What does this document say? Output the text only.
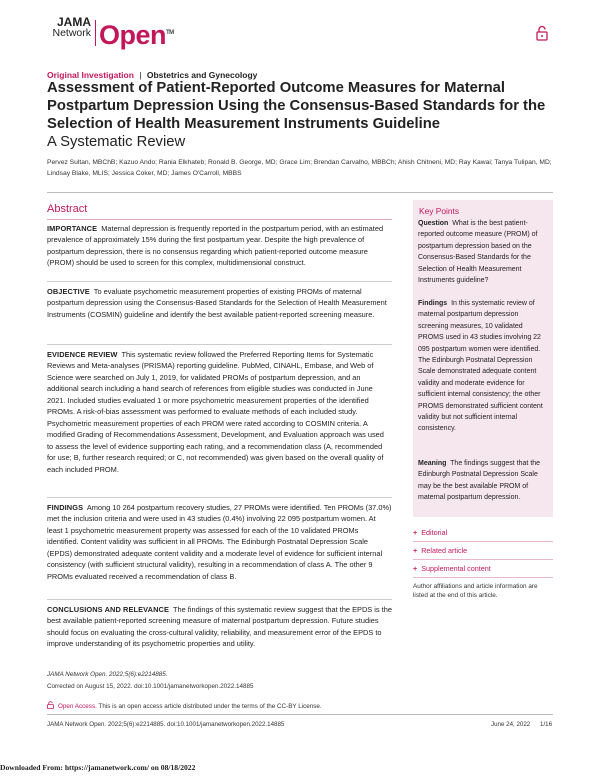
JAMA
Network Open™
Original Investigation | Obstetrics and Gynecology
Assessment of Patient-Reported Outcome Measures for Maternal Postpartum Depression Using the Consensus-Based Standards for the Selection of Health Measurement Instruments Guideline
A Systematic Review
Pervez Sultan, MBChB; Kazuo Ando; Rania Elkhateb; Ronald B. George, MD; Grace Lim; Brendan Carvalho, MBBCh; Ahish Chitneni, MD; Ray Kawai; Tanya Tulipan, MD; Lindsay Blake, MLIS; Jessica Coker, MD; James O'Carroll, MBBS
Abstract

IMPORTANCE Maternal depression is frequently reported in the postpartum period, with an estimated prevalence of approximately 15% during the first postpartum year. Despite the high prevalence of postpartum depression, there is no consensus regarding which patient-reported outcome measure (PROM) should be used to screen for this complex, multidimensional construct.

OBJECTIVE To evaluate psychometric measurement properties of existing PROMs of maternal postpartum depression using the Consensus-Based Standards for the Selection of Health Measurement Instruments (COSMIN) guideline and identify the best available patient-reported screening measure.

EVIDENCE REVIEW This systematic review followed the Preferred Reporting Items for Systematic Reviews and Meta-analyses (PRISMA) reporting guideline. PubMed, CINAHL, Embase, and Web of Science were searched on July 1, 2019, for validated PROMs of postpartum depression, and an additional search including a hand search of references from eligible studies was conducted in June 2021. Included studies evaluated 1 or more psychometric measurement properties of the identified PROMs. A risk-of-bias assessment was performed to evaluate methods of each included study. Psychometric measurement properties of each PROM were rated according to COSMIN criteria. A modified Grading of Recommendations Assessment, Development, and Evaluation approach was used to assess the level of evidence supporting each rating, and a recommendation class (A, recommended for use; B, further research required; or C, not recommended) was given based on the overall quality of each included PROM.

FINDINGS Among 10 264 postpartum recovery studies, 27 PROMs were identified. Ten PROMs (37.0%) met the inclusion criteria and were used in 43 studies (0.4%) involving 22 095 postpartum women. At least 1 psychometric measurement property was assessed for each of the 10 validated PROMs identified. Content validity was sufficient in all PROMs. The Edinburgh Postnatal Depression Scale (EPDS) demonstrated adequate content validity and a moderate level of evidence for sufficient internal consistency (with sufficient structural validity), resulting in a recommendation of class A. The other 9 PROMs evaluated received a recommendation of class B.

CONCLUSIONS AND RELEVANCE The findings of this systematic review suggest that the EPDS is the best available patient-reported screening measure of maternal postpartum depression. Future studies should focus on evaluating the cross-cultural validity, reliability, and measurement error of the EPDS to improve understanding of its psychometric properties and utility.

Key Points

Question What is the best patient-reported outcome measure (PROM) of postpartum depression based on the Consensus-Based Standards for the Selection of Health Measurement Instruments guideline?

Findings In this systematic review of maternal postpartum depression screening measures, 10 validated PROMS used in 43 studies involving 22 095 postpartum women were identified. The Edinburgh Postnatal Depression Scale demonstrated adequate content validity and moderate evidence for sufficient internal consistency; the other PROMS demonstrated sufficient content validity but not sufficient internal consistency.

Meaning The findings suggest that the Edinburgh Postnatal Depression Scale may be the best available PROM of maternal postpartum depression.

+ Editorial
+ Related article
+ Supplemental content
Author affiliations and article information are listed at the end of this article.
JAMA Network Open. 2022;5(6):e2214885.
Corrected on August 15, 2022. doi:10.1001/jamanetworkopen.2022.14885
Open Access. This is an open access article distributed under the terms of the CC-BY License.
JAMA Network Open. 2022;5(6):e2214885. doi:10.1001/jamanetworkopen.2022.14885	June 24, 2022 1/16
Downloaded From: https://jamanetwork.com/ on 08/18/2022
